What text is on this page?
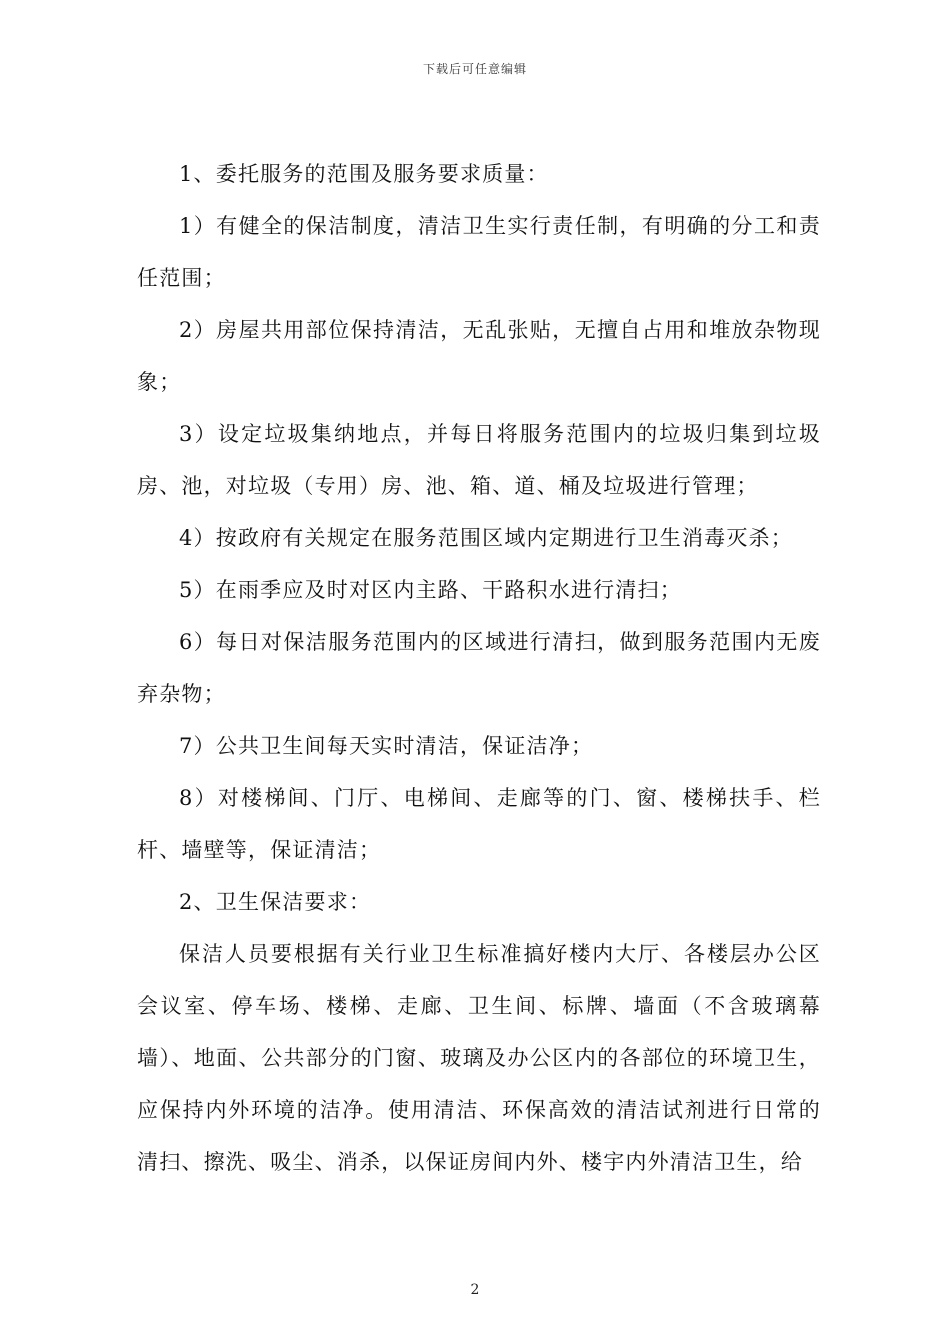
下载后可任意编辑

1、委托服务的范围及服务要求质量：

1）有健全的保洁制度，清洁卫生实行责任制，有明确的分工和责任范围；

2）房屋共用部位保持清洁，无乱张贴，无擅自占用和堆放杂物现象；

3）设定垃圾集纳地点，并每日将服务范围内的垃圾归集到垃圾房、池，对垃圾（专用）房、池、箱、道、桶及垃圾进行管理；

4）按政府有关规定在服务范围区域内定期进行卫生消毒灭杀；

5）在雨季应及时对区内主路、干路积水进行清扫；

6）每日对保洁服务范围内的区域进行清扫，做到服务范围内无废弃杂物；

7）公共卫生间每天实时清洁，保证洁净；

8）对楼梯间、门厅、电梯间、走廊等的门、窗、楼梯扶手、栏杆、墙壁等，保证清洁；

2、卫生保洁要求：

保洁人员要根据有关行业卫生标准搞好楼内大厅、各楼层办公区会议室、停车场、楼梯、走廊、卫生间、标牌、墙面（不含玻璃幕墙）、地面、公共部分的门窗、玻璃及办公区内的各部位的环境卫生，应保持内外环境的洁净。使用清洁、环保高效的清洁试剂进行日常的清扫、擦洗、吸尘、消杀，以保证房间内外、楼宇内外清洁卫生，给

2
